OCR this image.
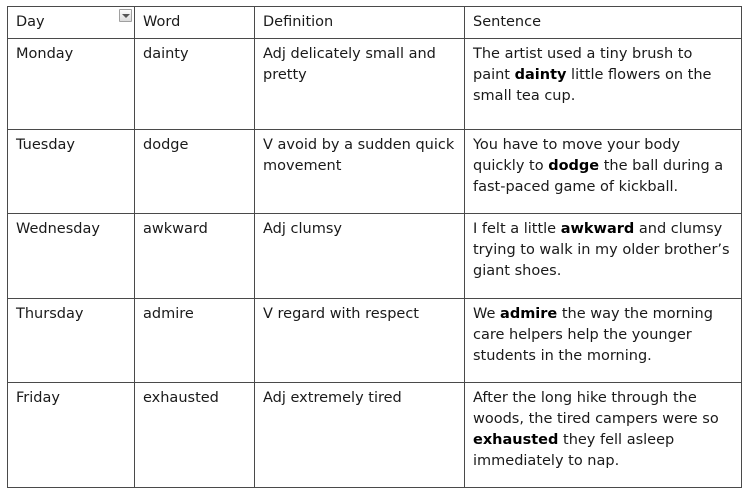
Day	Word	Definition	Sentence
Monday	dainty	Adj delicately small and pretty	The artist used a tiny brush to paint dainty little flowers on the small tea cup.
Tuesday	dodge	V avoid by a sudden quick movement	You have to move your body quickly to dodge the ball during a fast-paced game of kickball.
Wednesday	awkward	Adj clumsy	I felt a little awkward and clumsy trying to walk in my older brother’s giant shoes.
Thursday	admire	V regard with respect	We admire the way the morning care helpers help the younger students in the morning.
Friday	exhausted	Adj extremely tired	After the long hike through the woods, the tired campers were so exhausted they fell asleep immediately to nap.
